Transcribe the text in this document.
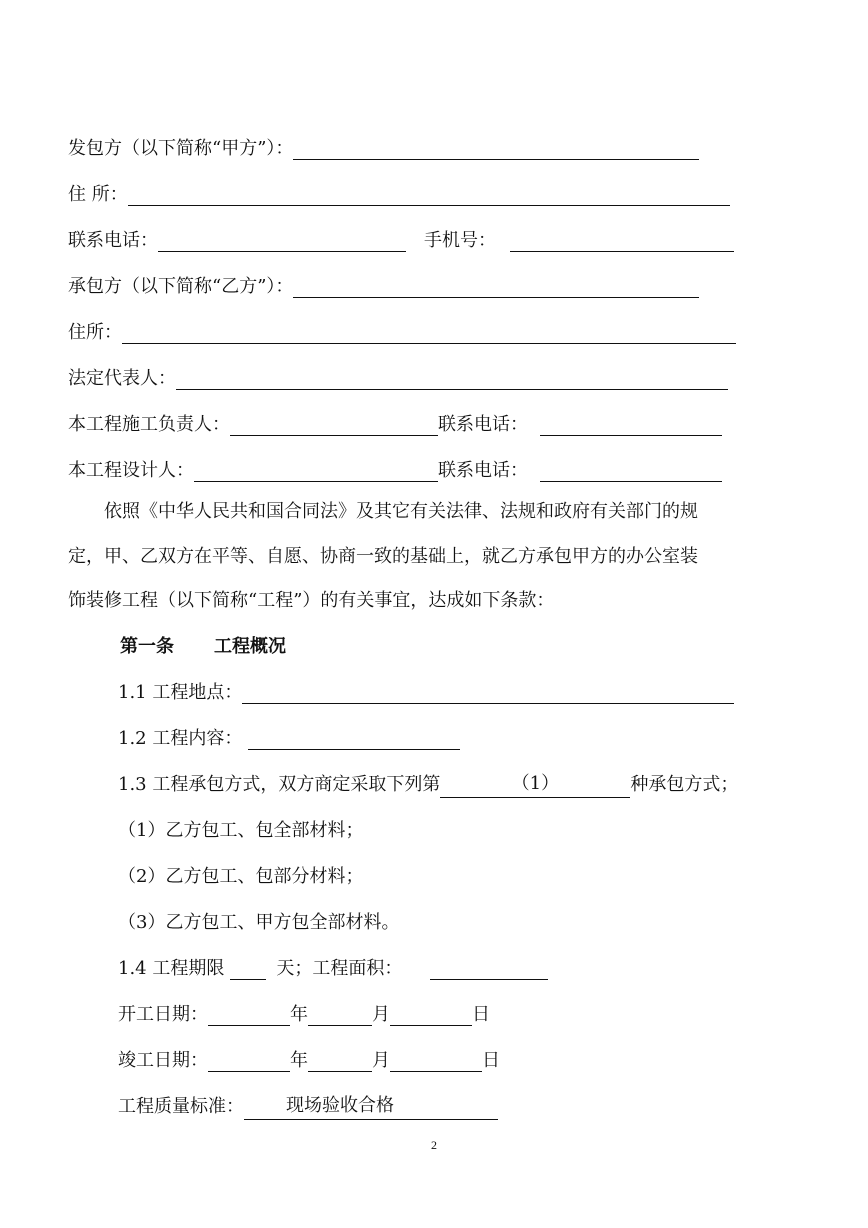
发包方（以下简称“甲方”）：
住 所：
联系电话：	手机号：
承包方（以下简称“乙方”）：
住所：
法定代表人：
本工程施工负责人：	联系电话：
本工程设计人：	联系电话：

依照《中华人民共和国合同法》及其它有关法律、法规和政府有关部门的规

定，甲、乙双方在平等、自愿、协商一致的基础上，就乙方承包甲方的办公室装

饰装修工程（以下简称“工程”）的有关事宜，达成如下条款：

第一条 工程概况
1.1 工程地点：
1.2 工程内容：
1.3 工程承包方式，双方商定采取下列第	（1）	种承包方式；
（1）乙方包工、包全部材料；
（2）乙方包工、包部分材料；
（3）乙方包工、甲方包全部材料。
1.4 工程期限	天；工程面积：
开工日期：	年	月	日
竣工日期：	年	月	日
工程质量标准：	现场验收合格
2
